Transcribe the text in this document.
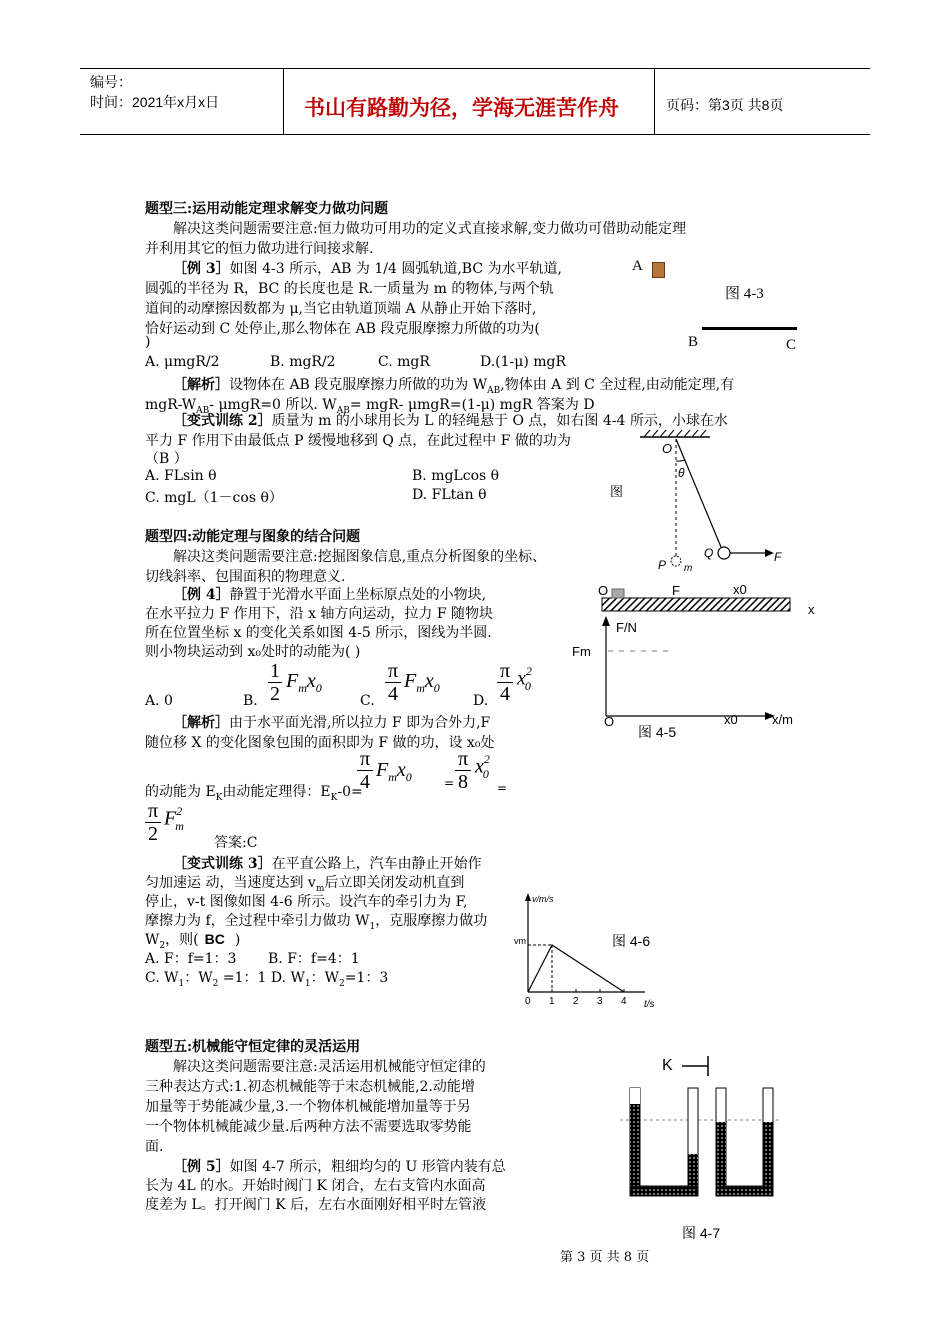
编号：
时间：2021年x月x日	书山有路勤为径，学海无涯苦作舟	页码：第3页 共8页
题型三:运用动能定理求解变力做功问题
解决这类问题需要注意:恒力做功可用功的定义式直接求解,变力做功可借助动能定理
并利用其它的恒力做功进行间接求解.
［例 3］如图 4-3 所示，AB 为 1/4 圆弧轨道,BC 为水平轨道,
圆弧的半径为 R，BC 的长度也是 R.一质量为 m 的物体,与两个轨
道间的动摩擦因数都为 μ,当它由轨道顶端 A 从静止开始下落时,
恰好运动到 C 处停止,那么物体在 AB 段克服摩擦力所做的功为(
)
A. μmgR/2	B. mgR/2	C. mgR	D.(1-μ) mgR
［解析］设物体在 AB 段克服摩擦力所做的功为 $W_{AB}$,物体由 A 到 C 全过程,由动能定理,有
mgR-$W_{AB}-$ μmgR=0 所以. $W_{AB}= mgR-$ μmgR=(1-μ) mgR 答案为 D
A
图 4-3
B	C
［变式训练 2］质量为 m 的小球用长为 L 的轻绳悬于 O 点，如右图 4-4 所示，小球在水
平力 F 作用下由最低点 P 缓慢地移到 Q 点，在此过程中 F 做的功为
（B ）
A. FLsin θ	B. mgLcos θ
C. mgL（1－cos θ）	D. FLtan θ
O
θ
P m
Q	F
图
题型四:动能定理与图象的结合问题
解决这类问题需要注意:挖掘图象信息,重点分析图象的坐标、
切线斜率、包围面积的物理意义.
［例 4］静置于光滑水平面上坐标原点处的小物块,
在水平拉力 F 作用下，沿 x 轴方向运动，拉力 F 随物块
所在位置坐标 x 的变化关系如图 4-5 所示，图线为半圆.
则小物块运动到 x₀处时的动能为( )
A. 0	B.
1
2
$F_mx_0$
C.
π
4
$F_mx_0$
D.
π
4
$x^2_0$
［解析］由于水平面光滑,所以拉力 F 即为合外力,F
随位移 X 的变化图象包围的面积即为 F 做的功，设 x₀处
的动能为 $E_K$由动能定理得：$E_K-0=$
π
4
$F_mx_0$	=
π
8
$x^2_0$
=
π
2
$F^2_m$
答案:C
O	F	x0
x
F/N
Fm
O	x0	x/m
图 4-5
［变式训练 3］在平直公路上，汽车由静止开始作
匀加速运 动，当速度达到 $v_m$后立即关闭发动机直到
停止，v-t 图像如图 4-6 所示。设汽车的牵引力为 F,
摩擦力为 f，全过程中牵引力做功 $W_1$，克服摩擦力做功
$W_2$，则( BC )
A. F：f=1：3 B. F：f=4：1
C. $W_1$：$W_2 =1$：1 D. $W_1$：$W_2=1$：3
v/m/s
vm
t/s
0 1 2 3 4
图 4-6
题型五:机械能守恒定律的灵活运用
解决这类问题需要注意:灵活运用机械能守恒定律的
三种表达方式:1.初态机械能等于末态机械能,2.动能增
加量等于势能减少量,3.一个物体机械能增加量等于另
一个物体机械能减少量.后两种方法不需要选取零势能
面.
［例 5］如图 4-7 所示，粗细均匀的 U 形管内装有总
长为 4L 的水。开始时阀门 K 闭合，左右支管内水面高
度差为 L。打开阀门 K 后，左右水面刚好相平时左管液
K
图 4-7
第 3 页 共 8 页
